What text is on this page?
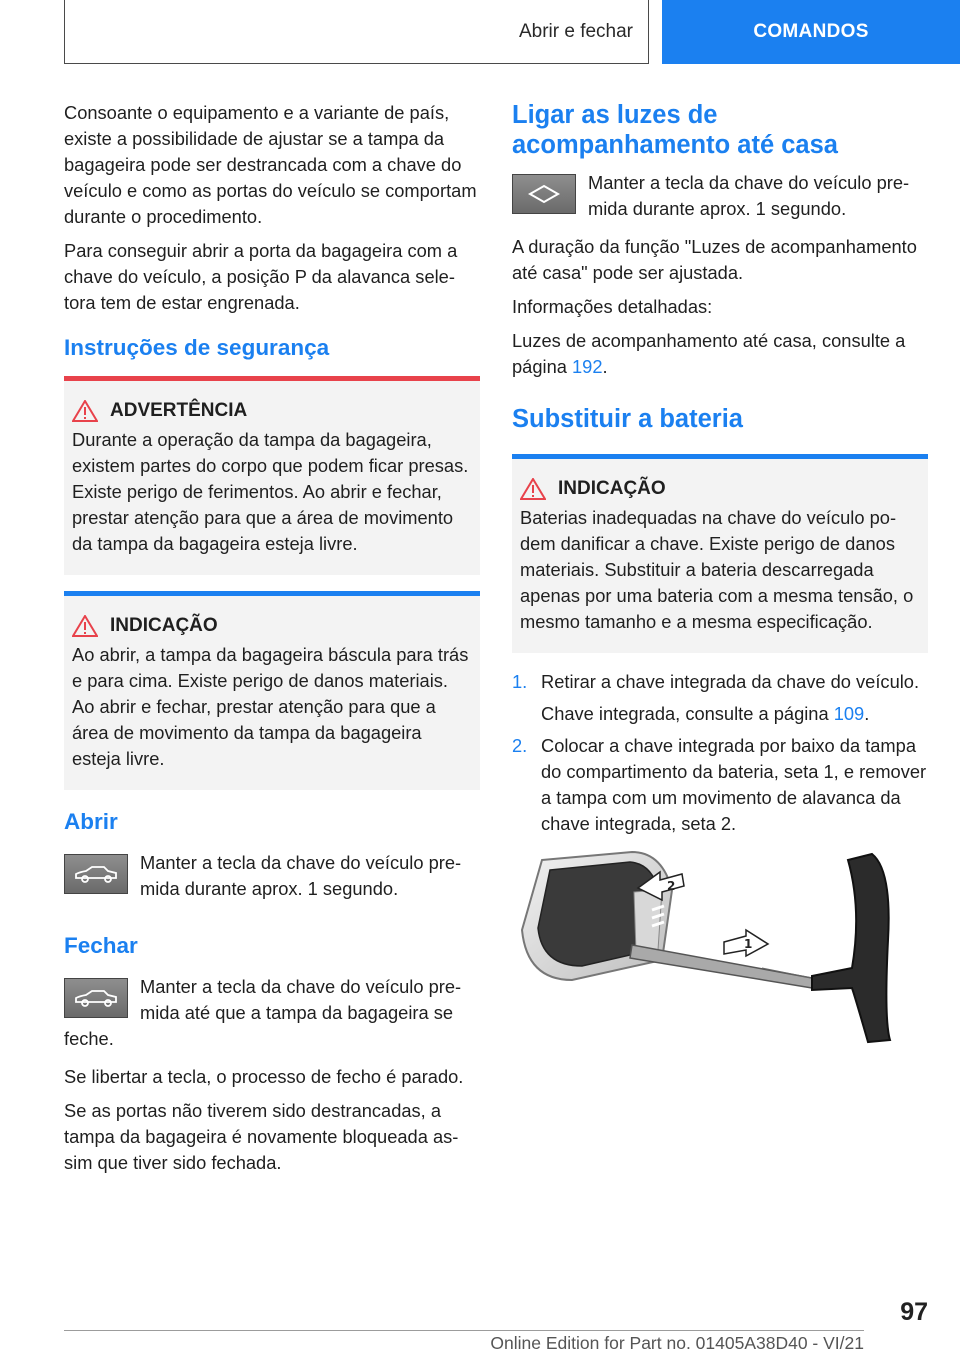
Abrir e fechar	COMANDOS

Consoante o equipamento e a variante de país, existe a possibilidade de ajustar se a tampa da bagageira pode ser destrancada com a chave do veículo e como as portas do veículo se comportam durante o procedimento.

Para conseguir abrir a porta da bagageira com a chave do veículo, a posição P da alavanca seletora tem de estar engrenada.

Instruções de segurança
ADVERTÊNCIA
Durante a operação da tampa da bagageira, existem partes do corpo que podem ficar presas. Existe perigo de ferimentos. Ao abrir e fechar, prestar atenção para que a área de movimento da tampa da bagageira esteja livre.
INDICAÇÃO
Ao abrir, a tampa da bagageira báscula para trás e para cima. Existe perigo de danos materiais. Ao abrir e fechar, prestar atenção para que a área de movimento da tampa da bagageira esteja livre.
Abrir
Manter a tecla da chave do veículo premida durante aprox. 1 segundo.
Fechar
Manter a tecla da chave do veículo premida até que a tampa da bagageira se feche.

Se libertar a tecla, o processo de fecho é parado.

Se as portas não tiverem sido destrancadas, a tampa da bagageira é novamente bloqueada assim que tiver sido fechada.

Ligar as luzes de acompanhamento até casa
Manter a tecla da chave do veículo premida durante aprox. 1 segundo.

A duração da função "Luzes de acompanhamento até casa" pode ser ajustada.

Informações detalhadas:

Luzes de acompanhamento até casa, consulte a página 192.

Substituir a bateria
INDICAÇÃO
Baterias inadequadas na chave do veículo podem danificar a chave. Existe perigo de danos materiais. Substituir a bateria descarregada apenas por uma bateria com a mesma tensão, o mesmo tamanho e a mesma especificação.
1. Retirar a chave integrada da chave do veículo.
Chave integrada, consulte a página 109.
2. Colocar a chave integrada por baixo da tampa do compartimento da bateria, seta 1, e remover a tampa com um movimento de alavanca da chave integrada, seta 2.
2
1
97
Online Edition for Part no. 01405A38D40 - VI/21
